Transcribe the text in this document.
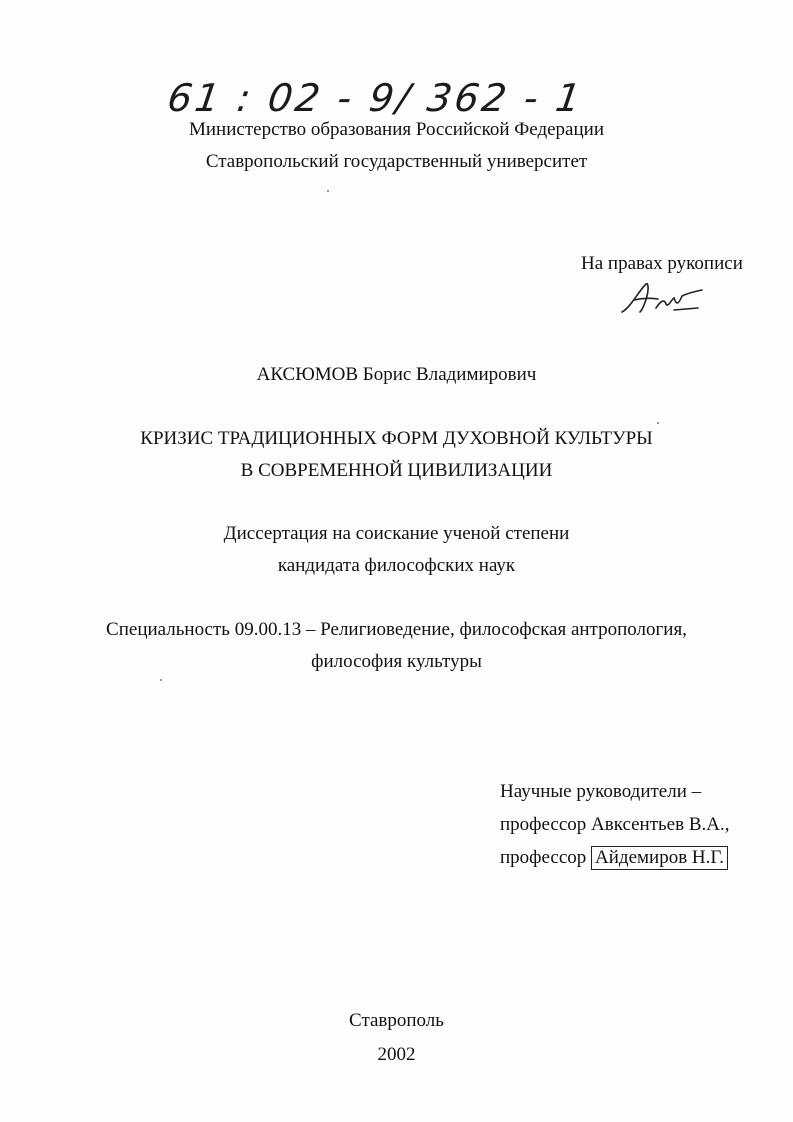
61 : 02 - 9/ 362 - 1
Министерство образования Российской Федерации
Ставропольский государственный университет
На правах рукописи
АКСЮМОВ Борис Владимирович
КРИЗИС ТРАДИЦИОННЫХ ФОРМ ДУХОВНОЙ КУЛЬТУРЫ
В СОВРЕМЕННОЙ ЦИВИЛИЗАЦИИ
Диссертация на соискание ученой степени
кандидата философских наук
Специальность 09.00.13 – Религиоведение, философская антропология,
философия культуры
Научные руководители –
профессор Авксентьев В.А.,
профессор Айдемиров Н.Г.
Ставрополь
2002
